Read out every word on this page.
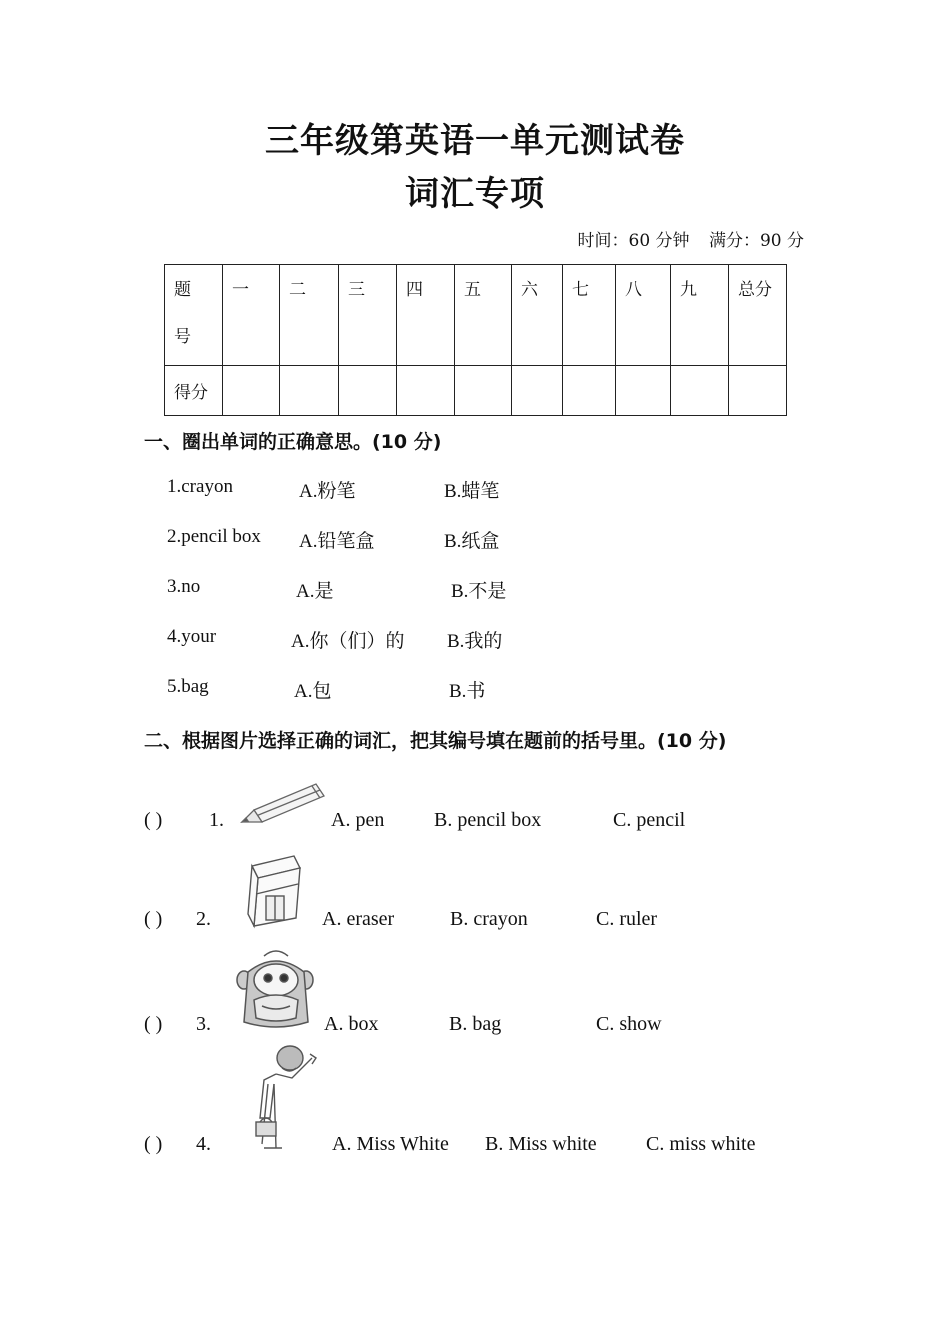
三年级第英语一单元测试卷
词汇专项
时间：60 分钟 满分：90 分
题
号	一	二	三	四	五	六	七	八	九	总分
得分										
一、圈出单词的正确意思。(10 分)
1.crayon	A.粉笔	B.蜡笔
2.pencil box A.铅笔盒	B.纸盒
3.no	A.是	B.不是
4.your	A.你（们）的 B.我的
5.bag	A.包	B.书
二、根据图片选择正确的词汇，把其编号填在题前的括号里。(10 分)
( ) 1.	A. pen B. pencil box	C. pencil
( ) 2.	A. eraser	B. crayon	C. ruler
( ) 3.	A. box	B. bag	C. show
( ) 4.	A. Miss White B. Miss white C. miss white
